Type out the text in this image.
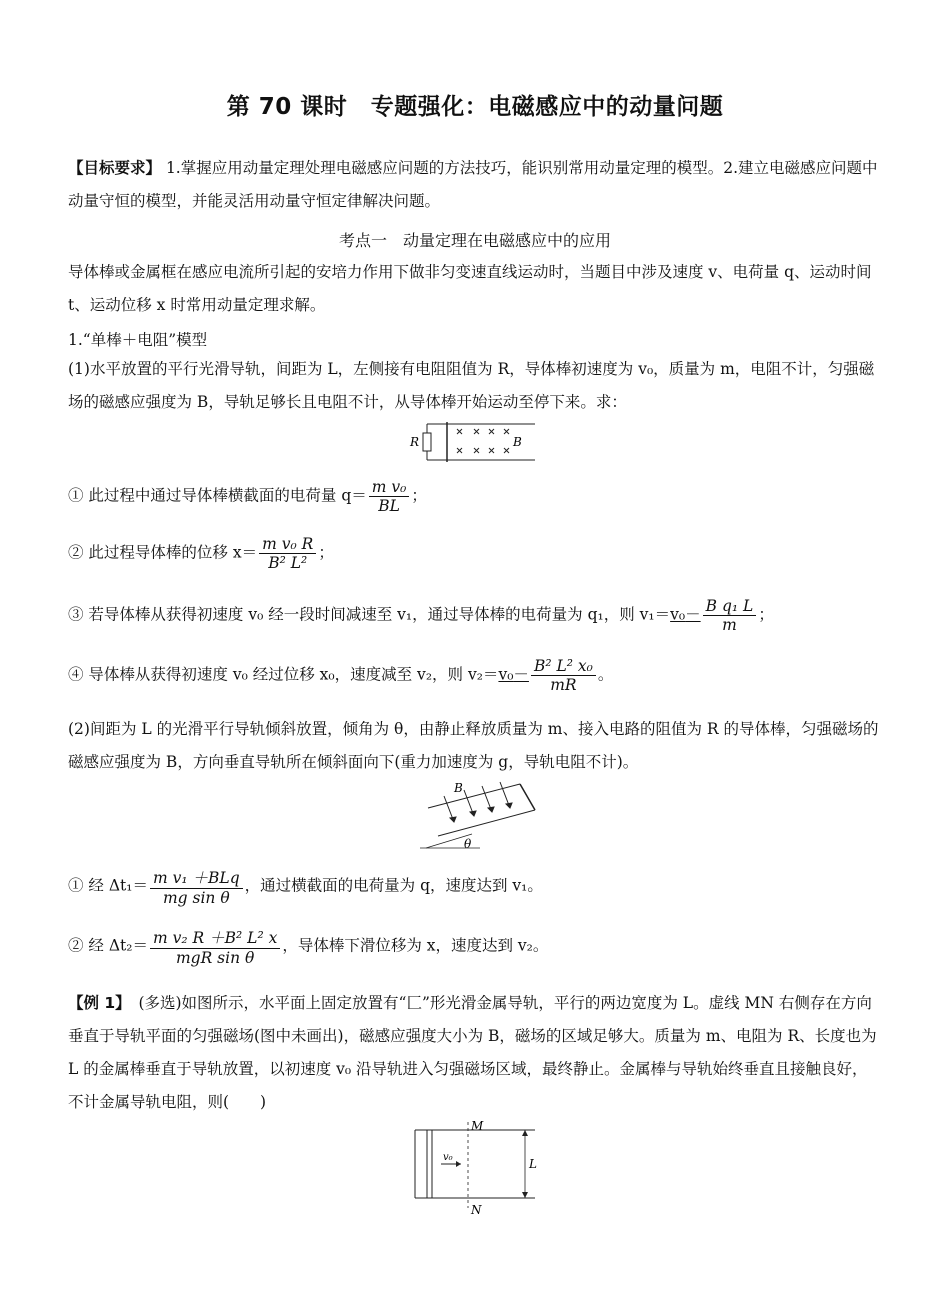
第 70 课时　专题强化：电磁感应中的动量问题
【目标要求】 1.掌握应用动量定理处理电磁感应问题的方法技巧，能识别常用动量定理的模型。2.建立电磁感应问题中动量守恒的模型，并能灵活用动量守恒定律解决问题。
考点一　动量定理在电磁感应中的应用
导体棒或金属框在感应电流所引起的安培力作用下做非匀变速直线运动时，当题目中涉及速度 v、电荷量 q、运动时间 t、运动位移 x 时常用动量定理求解。
1.“单棒＋电阻”模型
(1)水平放置的平行光滑导轨，间距为 L，左侧接有电阻阻值为 R，导体棒初速度为 v₀，质量为 m，电阻不计，匀强磁场的磁感应强度为 B，导轨足够长且电阻不计，从导体棒开始运动至停下来。求：
R	B
① 此过程中通过导体棒横截面的电荷量 $q= \frac{\text{m v₀}}{BL}$ ；
② 此过程导体棒的位移 $x= \frac{\text{m v₀ R}}{\text{B² L²}}$ ；
③ 若导体棒从获得初速度 v₀ 经一段时间减速至 v₁，通过导体棒的电荷量为 q₁，则 $v_1=v_0- \frac{\text{B q₁ L}}{m}$ ；
④ 导体棒从获得初速度 v₀ 经过位移 x₀，速度减至 v₂，则 $v_2=v_0- \frac{\text{B² L² x₀}}{mR}$ 。
(2)间距为 L 的光滑平行导轨倾斜放置，倾角为 θ，由静止释放质量为 m、接入电路的阻值为 R 的导体棒，匀强磁场的磁感应强度为 B，方向垂直导轨所在倾斜面向下(重力加速度为 g，导轨电阻不计)。
B
θ
① 经 $\Delta t_1= \frac{\text{m v₁ ＋BLq}}{\text{mg sin θ}}$ ，通过横截面的电荷量为 q，速度达到 v₁。
② 经 $\Delta t_2= \frac{\text{m v₂ R ＋B² L² x}}{\text{mgR sin θ}}$ ，导体棒下滑位移为 x，速度达到 v₂。
【例 1】　(多选)如图所示，水平面上固定放置有“匚”形光滑金属导轨，平行的两边宽度为 L。虚线 MN 右侧存在方向垂直于导轨平面的匀强磁场(图中未画出)，磁感应强度大小为 B，磁场的区域足够大。质量为 m、电阻为 R、长度也为 L 的金属棒垂直于导轨放置，以初速度 v₀ 沿导轨进入匀强磁场区域，最终静止。金属棒与导轨始终垂直且接触良好，不计金属导轨电阻，则(　　)
M
N
v₀	L
